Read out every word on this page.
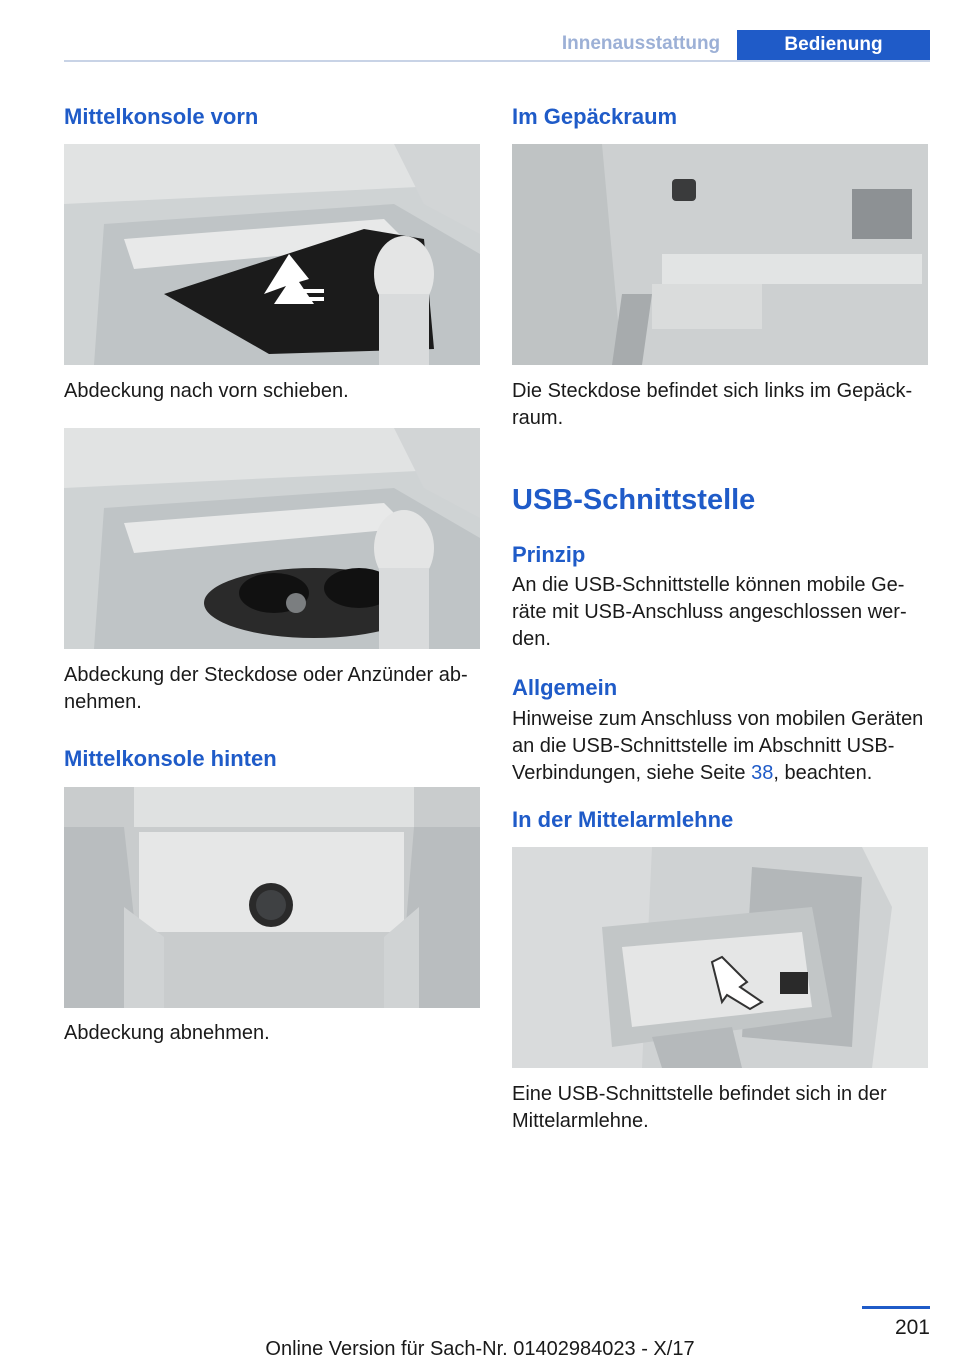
Innenausstattung	Bedienung
Mittelkonsole vorn
Abdeckung nach vorn schieben.
Abdeckung der Steckdose oder Anzünder ab-
nehmen.
Mittelkonsole hinten
Abdeckung abnehmen.
Im Gepäckraum
Die Steckdose befindet sich links im Gepäck-
raum.
USB-Schnittstelle
Prinzip
An die USB-Schnittstelle können mobile Ge-
räte mit USB-Anschluss angeschlossen wer-
den.
Allgemein
Hinweise zum Anschluss von mobilen Geräten
an die USB-Schnittstelle im Abschnitt USB-
Verbindungen, siehe Seite 38, beachten.
In der Mittelarmlehne
Eine USB-Schnittstelle befindet sich in der
Mittelarmlehne.
201
Online Version für Sach-Nr. 01402984023 - X/17
